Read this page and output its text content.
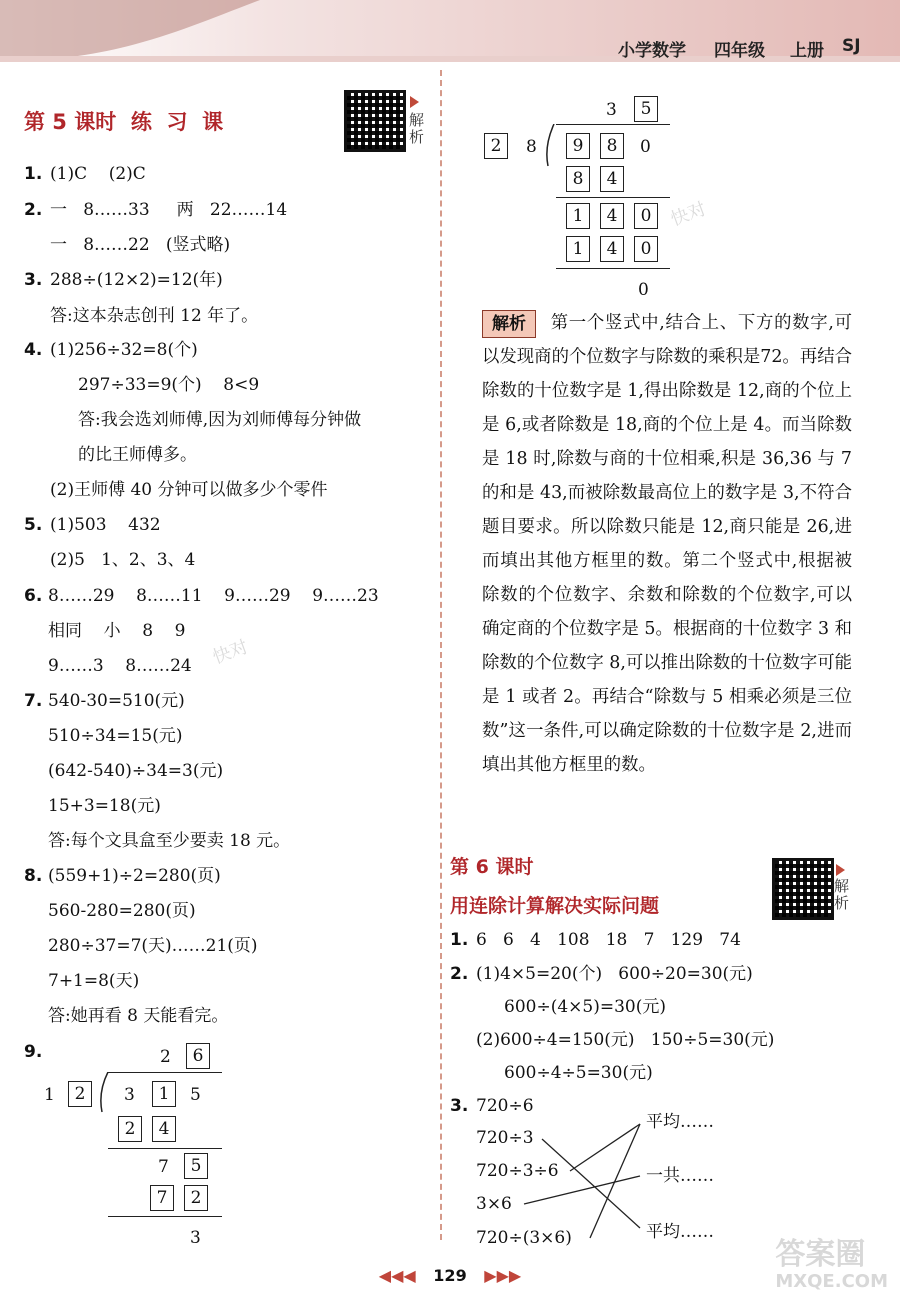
小学数学 四年级 上册 SJ
第 5 课时  练  习  课	解析
1. (1)C    (2)C
2. 一   8……33     两   22……14
一   8……22   (竖式略)
3. 288÷(12×2)=12(年)
答:这本杂志创刊 12 年了。
4. (1)256÷32=8(个)
297÷33=9(个)    8<9
答:我会选刘师傅,因为刘师傅每分钟做
的比王师傅多。
(2)王师傅 40 分钟可以做多少个零件
5. (1)503    432
(2)5   1、2、3、4
6. 8……29    8……11    9……29    9……23
相同    小    8    9
9……3    8……24
7. 540-30=510(元)
510÷34=15(元)
(642-540)÷34=3(元)
15+3=18(元)
答:每个文具盒至少要卖 18 元。
8. (559+1)÷2=280(页)
560-280=280(页)
280÷37=7(天)……21(页)
7+1=8(天)
答:她再看 8 天能看完。
9.	2	6
1	2	3	1	5
2	4
7	5
7	2
3
3	5
2	8	9	8	0
8	4
1	4	0
1	4	0
0
解析	第一个竖式中,结合上、下方的数字,可以发现商的个位数字与除数的乘积是72。再结合除数的十位数字是 1,得出除数是 12,商的个位上是 6,或者除数是 18,商的个位上是 4。而当除数是 18 时,除数与商的十位相乘,积是 36,36 与 7 的和是 43,而被除数最高位上的数字是 3,不符合题目要求。所以除数只能是 12,商只能是 26,进而填出其他方框里的数。第二个竖式中,根据被除数的个位数字、余数和除数的个位数字,可以确定商的个位数字是 5。根据商的十位数字 3 和除数的个位数字 8,可以推出除数的十位数字可能是 1 或者 2。再结合“除数与 5 相乘必须是三位数”这一条件,可以确定除数的十位数字是 2,进而填出其他方框里的数。
第 6 课时
用连除计算解决实际问题
解析
1. 6   6   4   108   18   7   129   74
2. (1)4×5=20(个)   600÷20=30(元)
600÷(4×5)=30(元)
(2)600÷4=150(元)   150÷5=30(元)
600÷4÷5=30(元)
3. 720÷6
720÷3
720÷3÷6
3×6
720÷(3×6)
平均……
一共……
平均……
快对
快对
◀◀◀ 129 ▶▶▶
答案圈
MXQE.COM
